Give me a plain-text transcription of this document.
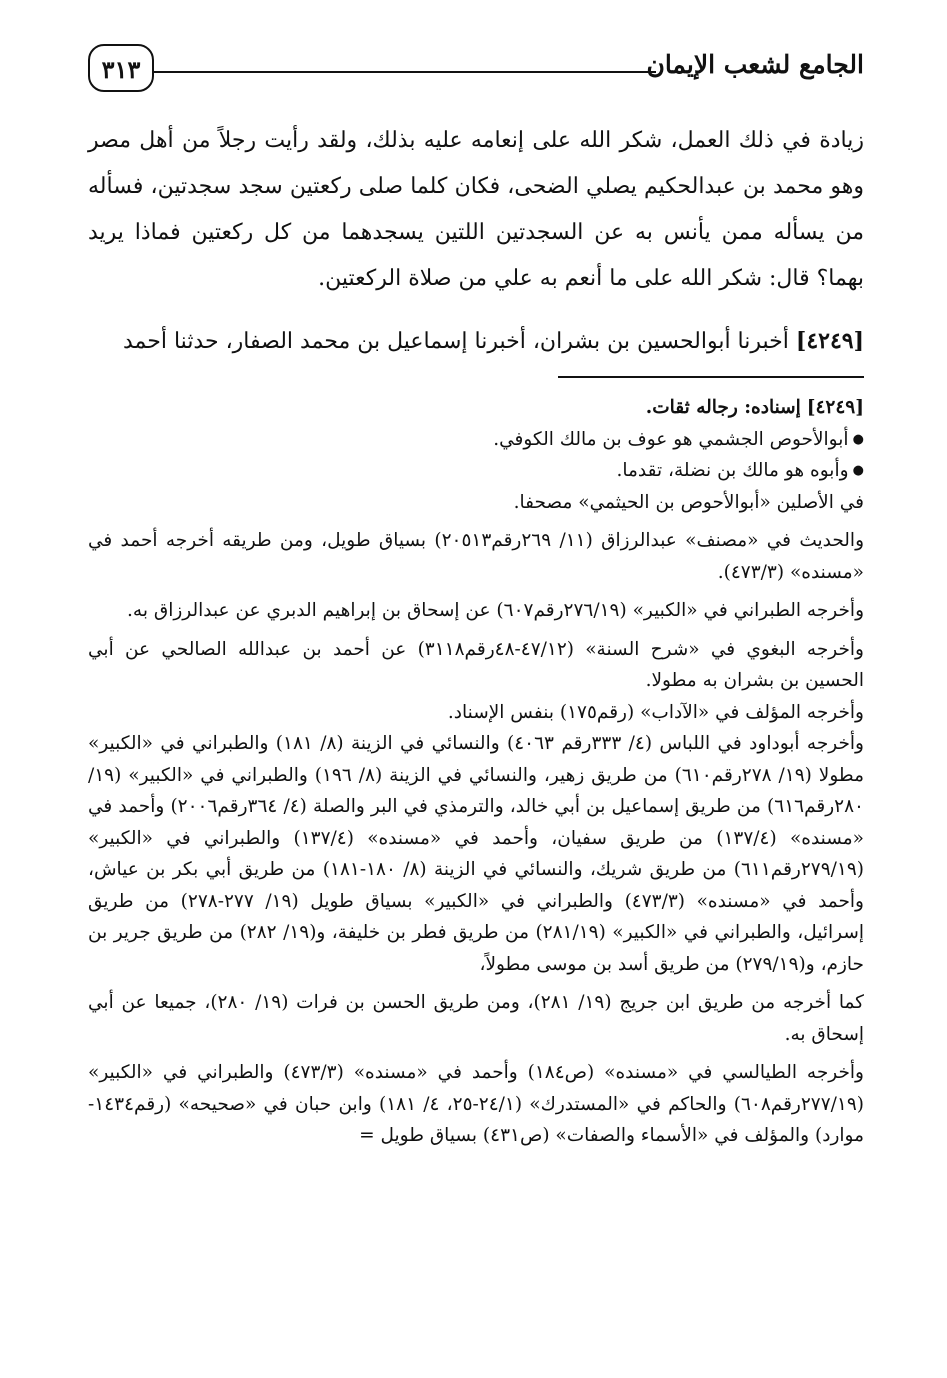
الجامع لشعب الإيمان
٣١٣

زيادة في ذلك العمل، شكر الله على إنعامه عليه بذلك، ولقد رأيت رجلاً من أهل مصر وهو محمد بن عبدالحكيم يصلي الضحى، فكان كلما صلى ركعتين سجد سجدتين، فسأله من يسأله ممن يأنس به عن السجدتين اللتين يسجدهما من كل ركعتين فماذا يريد بهما؟ قال: شكر الله على ما أنعم به علي من صلاة الركعتين.

[٤٢٤٩] أخبرنا أبوالحسين بن بشران، أخبرنا إسماعيل بن محمد الصفار، حدثنا أحمد

[٤٢٤٩] إسناده: رجاله ثقات.

● أبوالأحوص الجشمي هو عوف بن مالك الكوفي.

● وأبوه هو مالك بن نضلة، تقدما.

في الأصلين «أبوالأحوص بن الحيثمي» مصحفا.

والحديث في «مصنف» عبدالرزاق (١١/ ٢٦٩رقم٢٠٥١٣) بسياق طويل، ومن طريقه أخرجه أحمد في «مسنده» (٤٧٣/٣).

وأخرجه الطبراني في «الكبير» (٢٧٦/١٩رقم٦٠٧) عن إسحاق بن إبراهيم الدبري عن عبدالرزاق به.

وأخرجه البغوي في «شرح السنة» (٤٧/١٢-٤٨رقم٣١١٨) عن أحمد بن عبدالله الصالحي عن أبي الحسين بن بشران به مطولا.

وأخرجه المؤلف في «الآداب» (رقم١٧٥) بنفس الإسناد.

وأخرجه أبوداود في اللباس (٤/ ٣٣٣رقم ٤٠٦٣) والنسائي في الزينة (٨/ ١٨١) والطبراني في «الكبير» مطولا (١٩/ ٢٧٨رقم٦١٠) من طريق زهير، والنسائي في الزينة (٨/ ١٩٦) والطبراني في «الكبير» (١٩/ ٢٨٠رقم٦١٦) من طريق إسماعيل بن أبي خالد، والترمذي في البر والصلة (٤/ ٣٦٤رقم٢٠٠٦) وأحمد في «مسنده» (١٣٧/٤) من طريق سفيان، وأحمد في «مسنده» (١٣٧/٤) والطبراني في «الكبير» (٢٧٩/١٩رقم٦١١) من طريق شريك، والنسائي في الزينة (٨/ ١٨٠-١٨١) من طريق أبي بكر بن عياش، وأحمد في «مسنده» (٤٧٣/٣) والطبراني في «الكبير» بسياق طويل (١٩/ ٢٧٧-٢٧٨) من طريق إسرائيل، والطبراني في «الكبير» (٢٨١/١٩) من طريق فطر بن خليفة، و(١٩/ ٢٨٢) من طريق جرير بن حازم، و(٢٧٩/١٩) من طريق أسد بن موسى مطولاً،

كما أخرجه من طريق ابن جريج (١٩/ ٢٨١)، ومن طريق الحسن بن فرات (١٩/ ٢٨٠)، جميعا عن أبي إسحاق به.

وأخرجه الطيالسي في «مسنده» (ص١٨٤) وأحمد في «مسنده» (٤٧٣/٣) والطبراني في «الكبير» (٢٧٧/١٩رقم٦٠٨) والحاكم في «المستدرك» (٢٤/١-٢٥، ٤/ ١٨١) وابن حبان في «صحيحه» (رقم١٤٣٤- موارد) والمؤلف في «الأسماء والصفات» (ص٤٣١) بسياق طويل =
